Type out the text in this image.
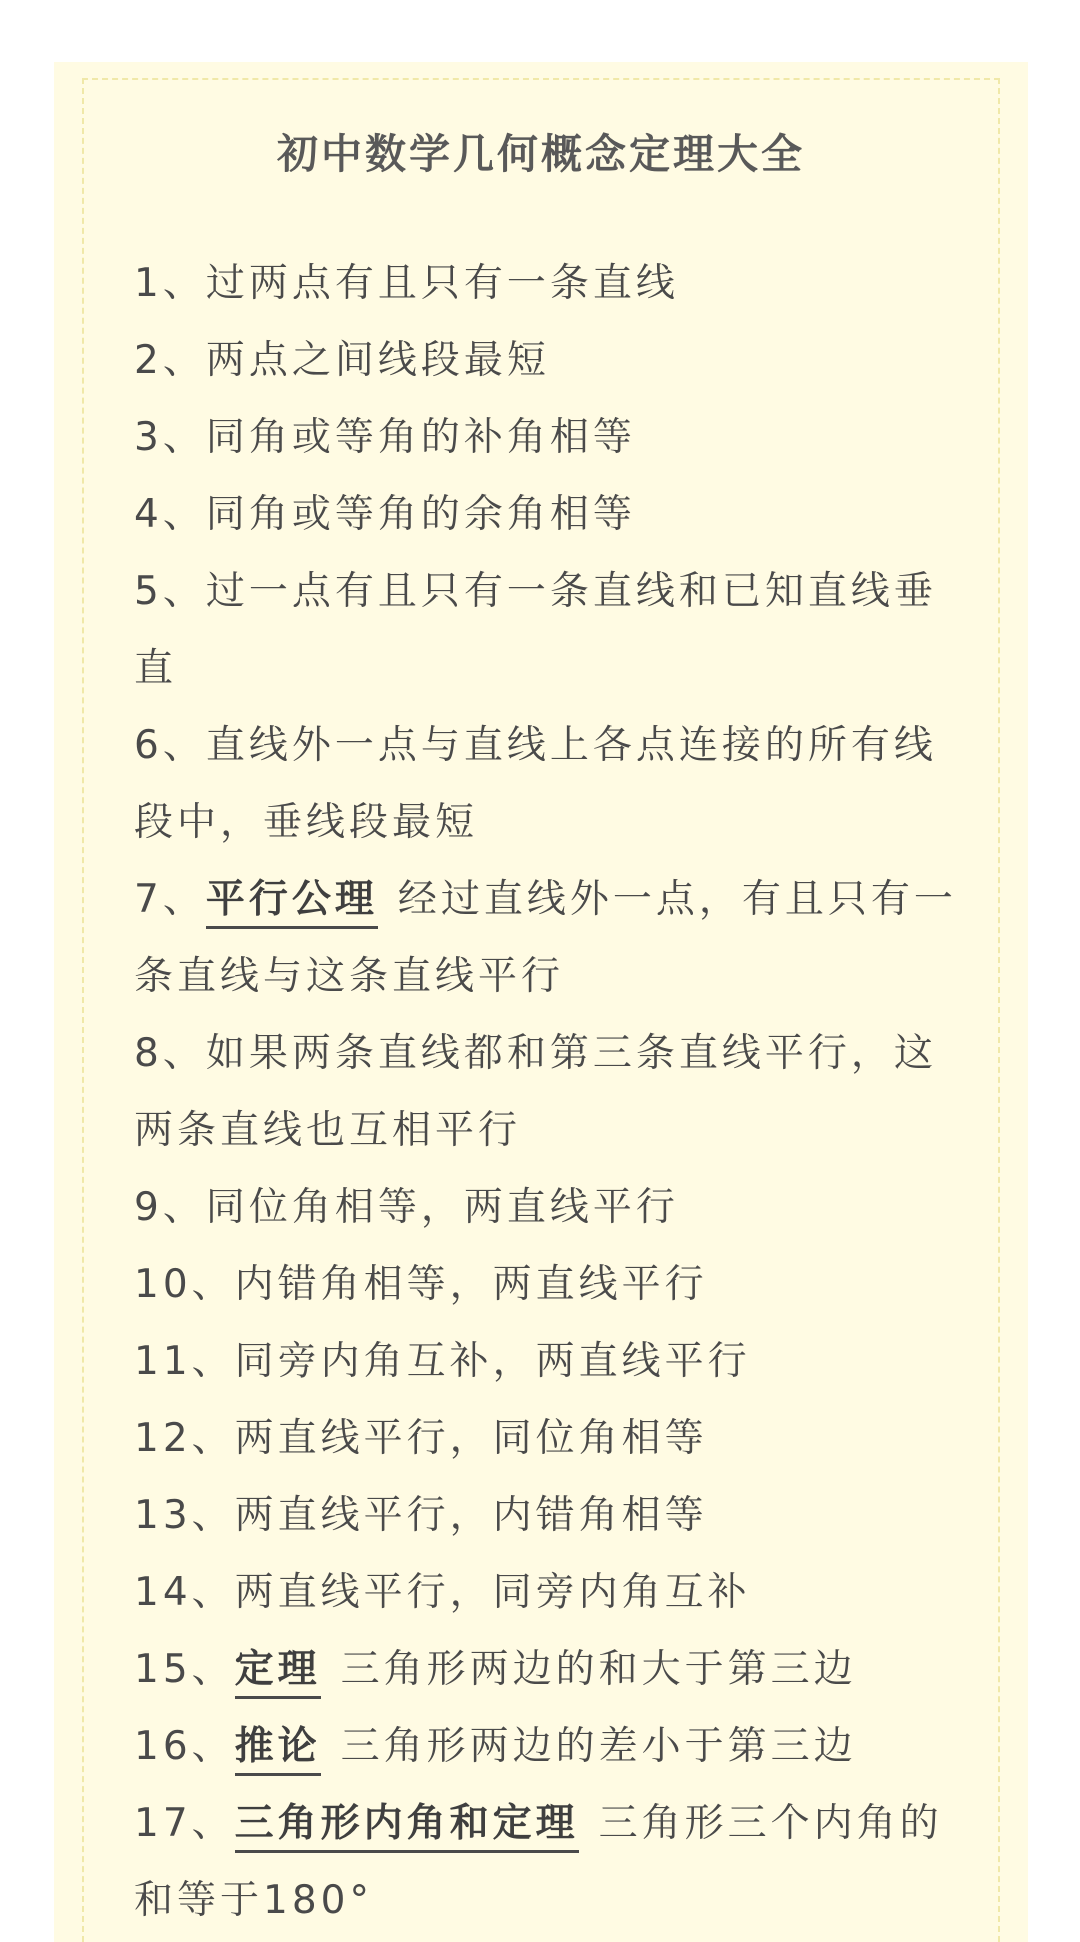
初中数学几何概念定理大全
1、过两点有且只有一条直线
2、两点之间线段最短
3、同角或等角的补角相等
4、同角或等角的余角相等
5、过一点有且只有一条直线和已知直线垂直
6、直线外一点与直线上各点连接的所有线段中，垂线段最短
7、平行公理 经过直线外一点，有且只有一条直线与这条直线平行
8、如果两条直线都和第三条直线平行，这两条直线也互相平行
9、同位角相等，两直线平行
10、内错角相等，两直线平行
11、同旁内角互补，两直线平行
12、两直线平行，同位角相等
13、两直线平行，内错角相等
14、两直线平行，同旁内角互补
15、定理 三角形两边的和大于第三边
16、推论 三角形两边的差小于第三边
17、三角形内角和定理 三角形三个内角的和等于180°
